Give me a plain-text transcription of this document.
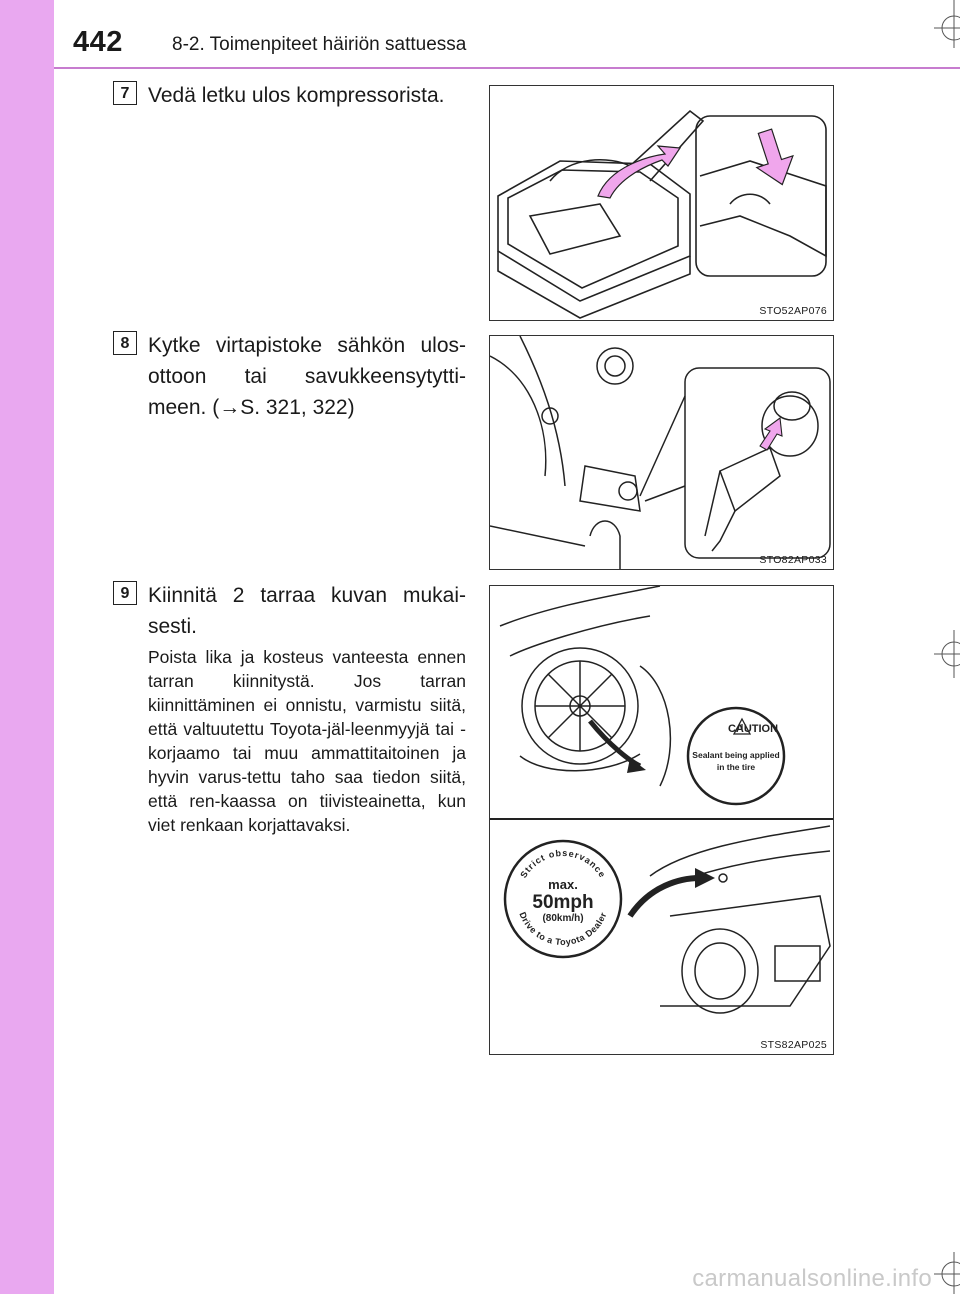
442	8-2. Toimenpiteet häiriön sattuessa
7 Vedä letku ulos kompressorista.
STO52AP076
8 Kytke virtapistoke sähkön ulos-
ottoon tai savukkeensytytti-
meen. (→S. 321, 322)
STO82AP033
9 Kiinnitä 2 tarraa kuvan mukai-
sesti.
Poista lika ja kosteus vanteesta ennen tarran kiinnitystä. Jos tarran kiinnittäminen ei onnistu, varmistu siitä, että valtuutettu Toyota-jäl-leenmyyjä tai -korjaamo tai muu ammattitaitoinen ja hyvin varus-tettu taho saa tiedon siitä, että ren-kaassa on tiivisteainetta, kun viet renkaan korjattavaksi.
Strict observance
Drive to a Toyota Dealer
max.
50mph
(80km/h)
CAUTION
Sealant being applied
in the tire
STS82AP025
carmanualsonline.info
